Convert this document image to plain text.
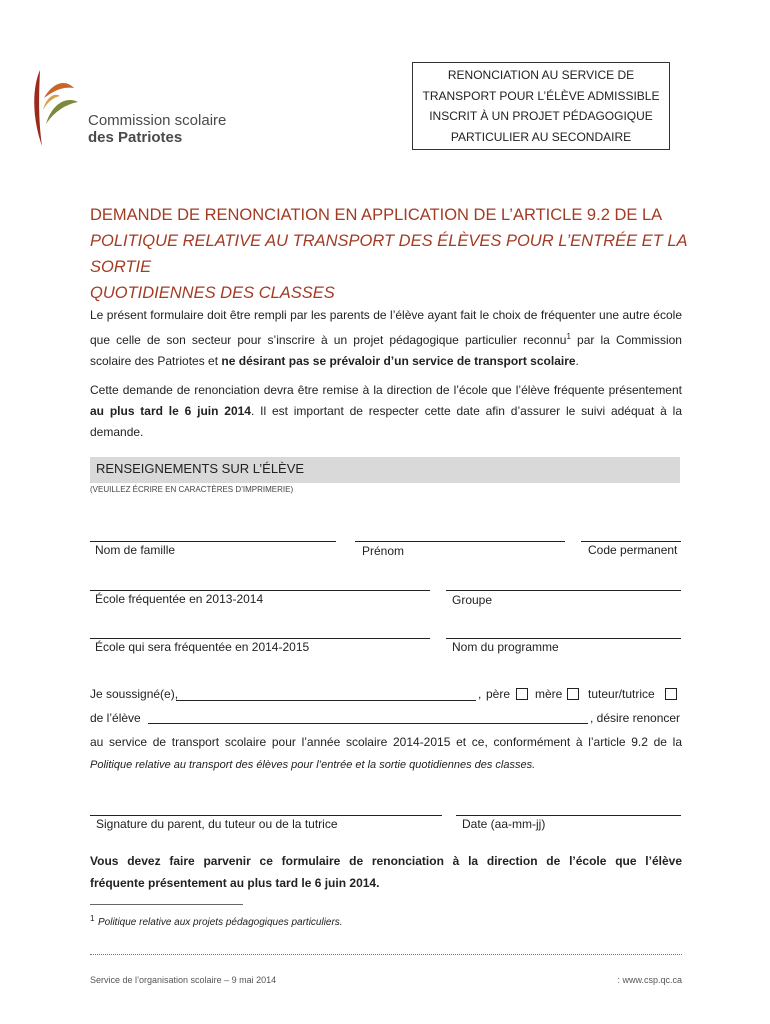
Commission scolaire
des Patriotes
RENONCIATION AU SERVICE DE
TRANSPORT POUR L’ÉLÈVE ADMISSIBLE
INSCRIT À UN PROJET PÉDAGOGIQUE
PARTICULIER AU SECONDAIRE
DEMANDE DE RENONCIATION EN APPLICATION DE L’ARTICLE 9.2 DE LA
POLITIQUE RELATIVE AU TRANSPORT DES ÉLÈVES POUR L’ENTRÉE ET LA SORTIE
QUOTIDIENNES DES CLASSES
Le présent formulaire doit être rempli par les parents de l’élève ayant fait le choix de fréquenter une autre école que celle de son secteur pour s’inscrire à un projet pédagogique particulier reconnu$^1$ par la Commission scolaire des Patriotes et ne désirant pas se prévaloir d’un service de transport scolaire.
Cette demande de renonciation devra être remise à la direction de l’école que l’élève fréquente présentement au plus tard le 6 juin 2014. Il est important de respecter cette date afin d’assurer le suivi adéquat à la demande.
RENSEIGNEMENTS SUR L’ÉLÈVE
(VEUILLEZ ÉCRIRE EN CARACTÈRES D’IMPRIMERIE)
Nom de famille	Prénom	Code permanent
École fréquentée en 2013-2014	Groupe
École qui sera fréquentée en 2014-2015	Nom du programme
Je soussigné(e),	, père mère tuteur/tutrice
de l’élève	, désire renoncer
au service de transport scolaire pour l’année scolaire 2014-2015 et ce, conformément à l’article 9.2 de la
Politique relative au transport des élèves pour l’entrée et la sortie quotidiennes des classes.
Signature du parent, du tuteur ou de la tutrice	Date (aa-mm-jj)
Vous devez faire parvenir ce formulaire de renonciation à la direction de l’école que l’élève
fréquente présentement au plus tard le 6 juin 2014.
1 Politique relative aux projets pédagogiques particuliers.
Service de l’organisation scolaire – 9 mai 2014	: www.csp.qc.ca
